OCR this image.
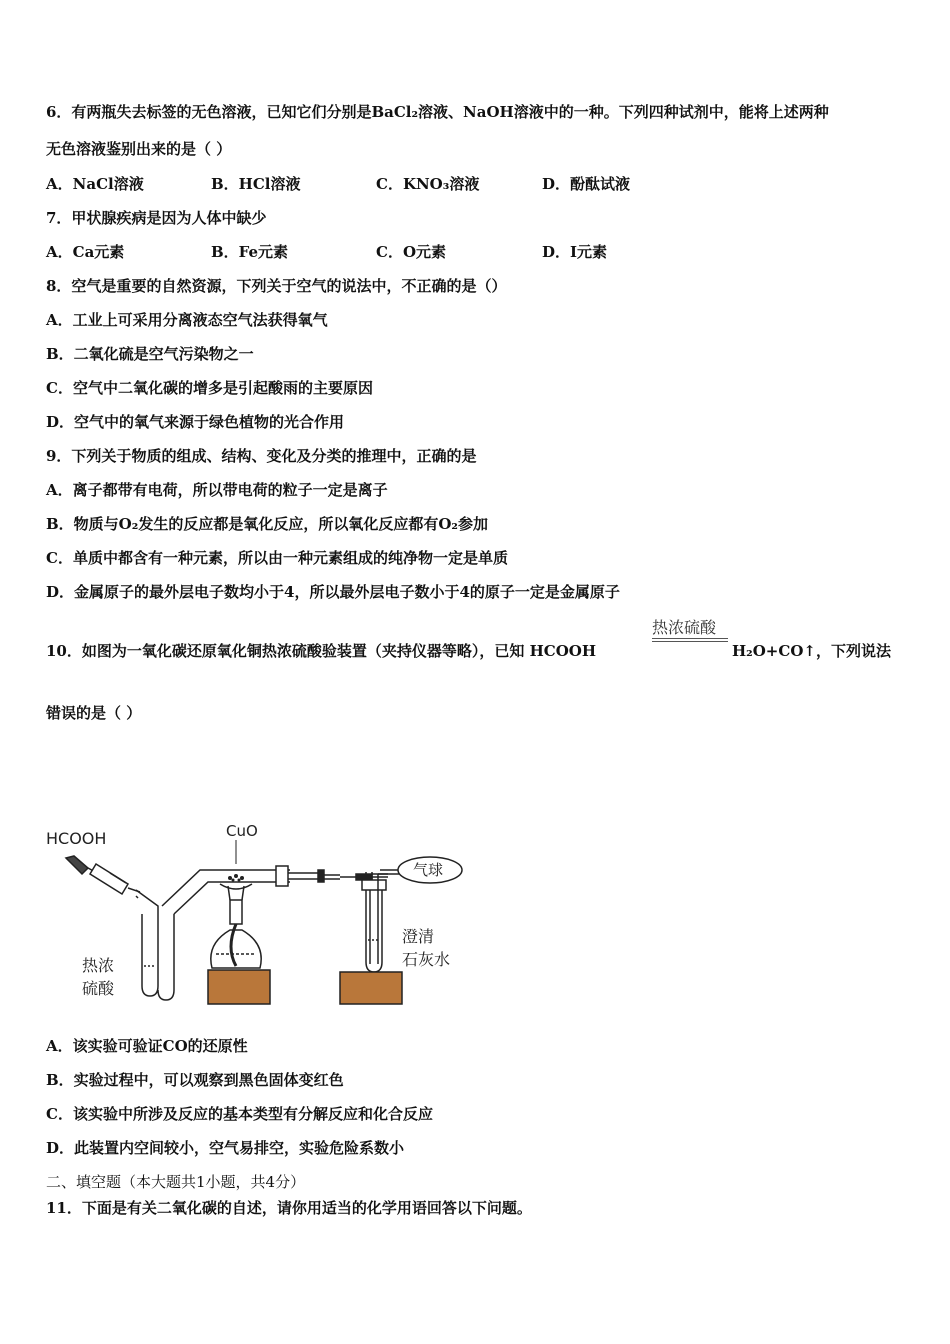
6．有两瓶失去标签的无色溶液，已知它们分别是BaCl₂溶液、NaOH溶液中的一种。下列四种试剂中，能将上述两种
无色溶液鉴别出来的是（ ）
A．NaCl溶液	B．HCl溶液	C．KNO₃溶液	D．酚酞试液
7．甲状腺疾病是因为人体中缺少
A．Ca元素	B．Fe元素	C．O元素	D．I元素
8．空气是重要的自然资源，下列关于空气的说法中，不正确的是（）
A．工业上可采用分离液态空气法获得氧气
B．二氧化硫是空气污染物之一
C．空气中二氧化碳的增多是引起酸雨的主要原因
D．空气中的氧气来源于绿色植物的光合作用
9．下列关于物质的组成、结构、变化及分类的推理中，正确的是
A．离子都带有电荷，所以带电荷的粒子一定是离子
B．物质与O₂发生的反应都是氧化反应，所以氧化反应都有O₂参加
C．单质中都含有一种元素，所以由一种元素组成的纯净物一定是单质
D．金属原子的最外层电子数均小于4，所以最外层电子数小于4的原子一定是金属原子
10．如图为一氧化碳还原氧化铜热浓硫酸验装置（夹持仪器等略），已知 HCOOH
热浓硫酸
H₂O+CO↑，下列说法
错误的是（ ）
HCOOH	CuO
气球
热浓
硫酸
澄清
石灰水
A．该实验可验证CO的还原性
B．实验过程中，可以观察到黑色固体变红色
C．该实验中所涉及反应的基本类型有分解反应和化合反应
D．此装置内空间较小，空气易排空，实验危险系数小
二、填空题（本大题共1小题，共4分）
11．下面是有关二氧化碳的自述，请你用适当的化学用语回答以下问题。
